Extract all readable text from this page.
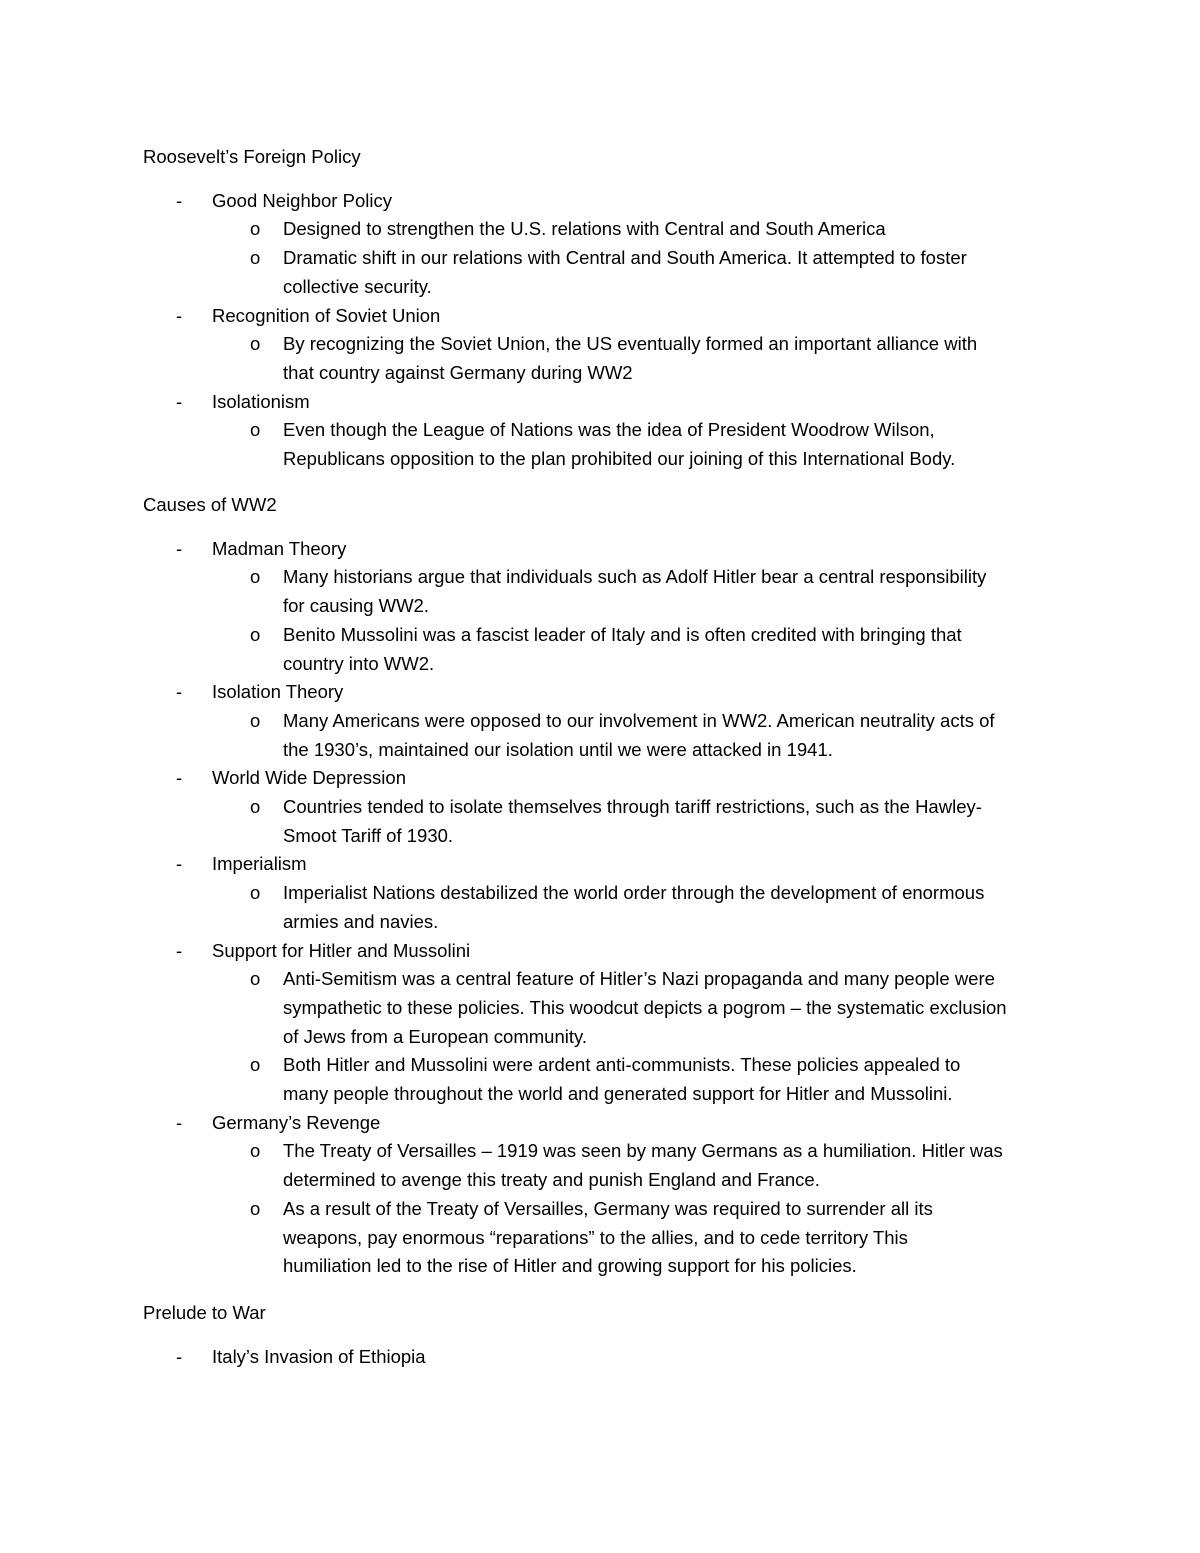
Roosevelt’s Foreign Policy
- Good Neighbor Policy
o Designed to strengthen the U.S. relations with Central and South America
o Dramatic shift in our relations with Central and South America. It attempted to foster
collective security.
- Recognition of Soviet Union
o By recognizing the Soviet Union, the US eventually formed an important alliance with
that country against Germany during WW2
- Isolationism
o Even though the League of Nations was the idea of President Woodrow Wilson,
Republicans opposition to the plan prohibited our joining of this International Body.
Causes of WW2
- Madman Theory
o Many historians argue that individuals such as Adolf Hitler bear a central responsibility
for causing WW2.
o Benito Mussolini was a fascist leader of Italy and is often credited with bringing that
country into WW2.
- Isolation Theory
o Many Americans were opposed to our involvement in WW2. American neutrality acts of
the 1930’s, maintained our isolation until we were attacked in 1941.
- World Wide Depression
o Countries tended to isolate themselves through tariff restrictions, such as the Hawley-
Smoot Tariff of 1930.
- Imperialism
o Imperialist Nations destabilized the world order through the development of enormous
armies and navies.
- Support for Hitler and Mussolini
o Anti-Semitism was a central feature of Hitler’s Nazi propaganda and many people were
sympathetic to these policies. This woodcut depicts a pogrom – the systematic exclusion
of Jews from a European community.
o Both Hitler and Mussolini were ardent anti-communists. These policies appealed to
many people throughout the world and generated support for Hitler and Mussolini.
- Germany’s Revenge
o The Treaty of Versailles – 1919 was seen by many Germans as a humiliation. Hitler was
determined to avenge this treaty and punish England and France.
o As a result of the Treaty of Versailles, Germany was required to surrender all its
weapons, pay enormous “reparations” to the allies, and to cede territory This
humiliation led to the rise of Hitler and growing support for his policies.
Prelude to War
- Italy’s Invasion of Ethiopia
